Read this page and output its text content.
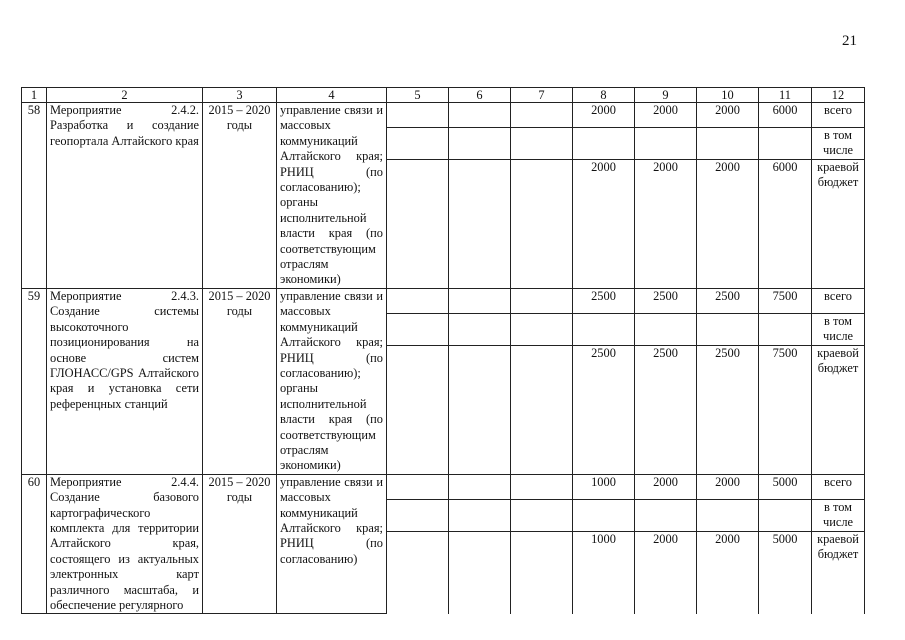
21
1	2	3	4	5	6	7	8	9	10	11	12
58	Мероприятие 2.4.2. Разработка и создание геопортала Алтайского края	2015 – 2020 годы	управление связи и массовых коммуникаций Алтайского края; РНИЦ (по согласованию); органы исполнительной власти края (по соответствующим отраслям экономики)				2000	2000	2000	6000	всего
											в том числе
							2000	2000	2000	6000	краевой бюджет
59	Мероприятие 2.4.3. Создание системы высокоточного позиционирования на основе систем ГЛОНАСС/GPS Алтайского края и установка сети референцных станций	2015 – 2020 годы	управление связи и массовых коммуникаций Алтайского края; РНИЦ (по согласованию); органы исполнительной власти края (по соответствующим отраслям экономики)				2500	2500	2500	7500	всего
											в том числе
							2500	2500	2500	7500	краевой бюджет
60	Мероприятие 2.4.4. Создание базового картографического комплекта для территории Алтайского края, состоящего из актуальных электронных карт различного масштаба, и обеспечение регулярного	2015 – 2020 годы	управление связи и массовых коммуникаций Алтайского края; РНИЦ (по согласованию)				1000	2000	2000	5000	всего
											в том числе
							1000	2000	2000	5000	краевой бюджет
